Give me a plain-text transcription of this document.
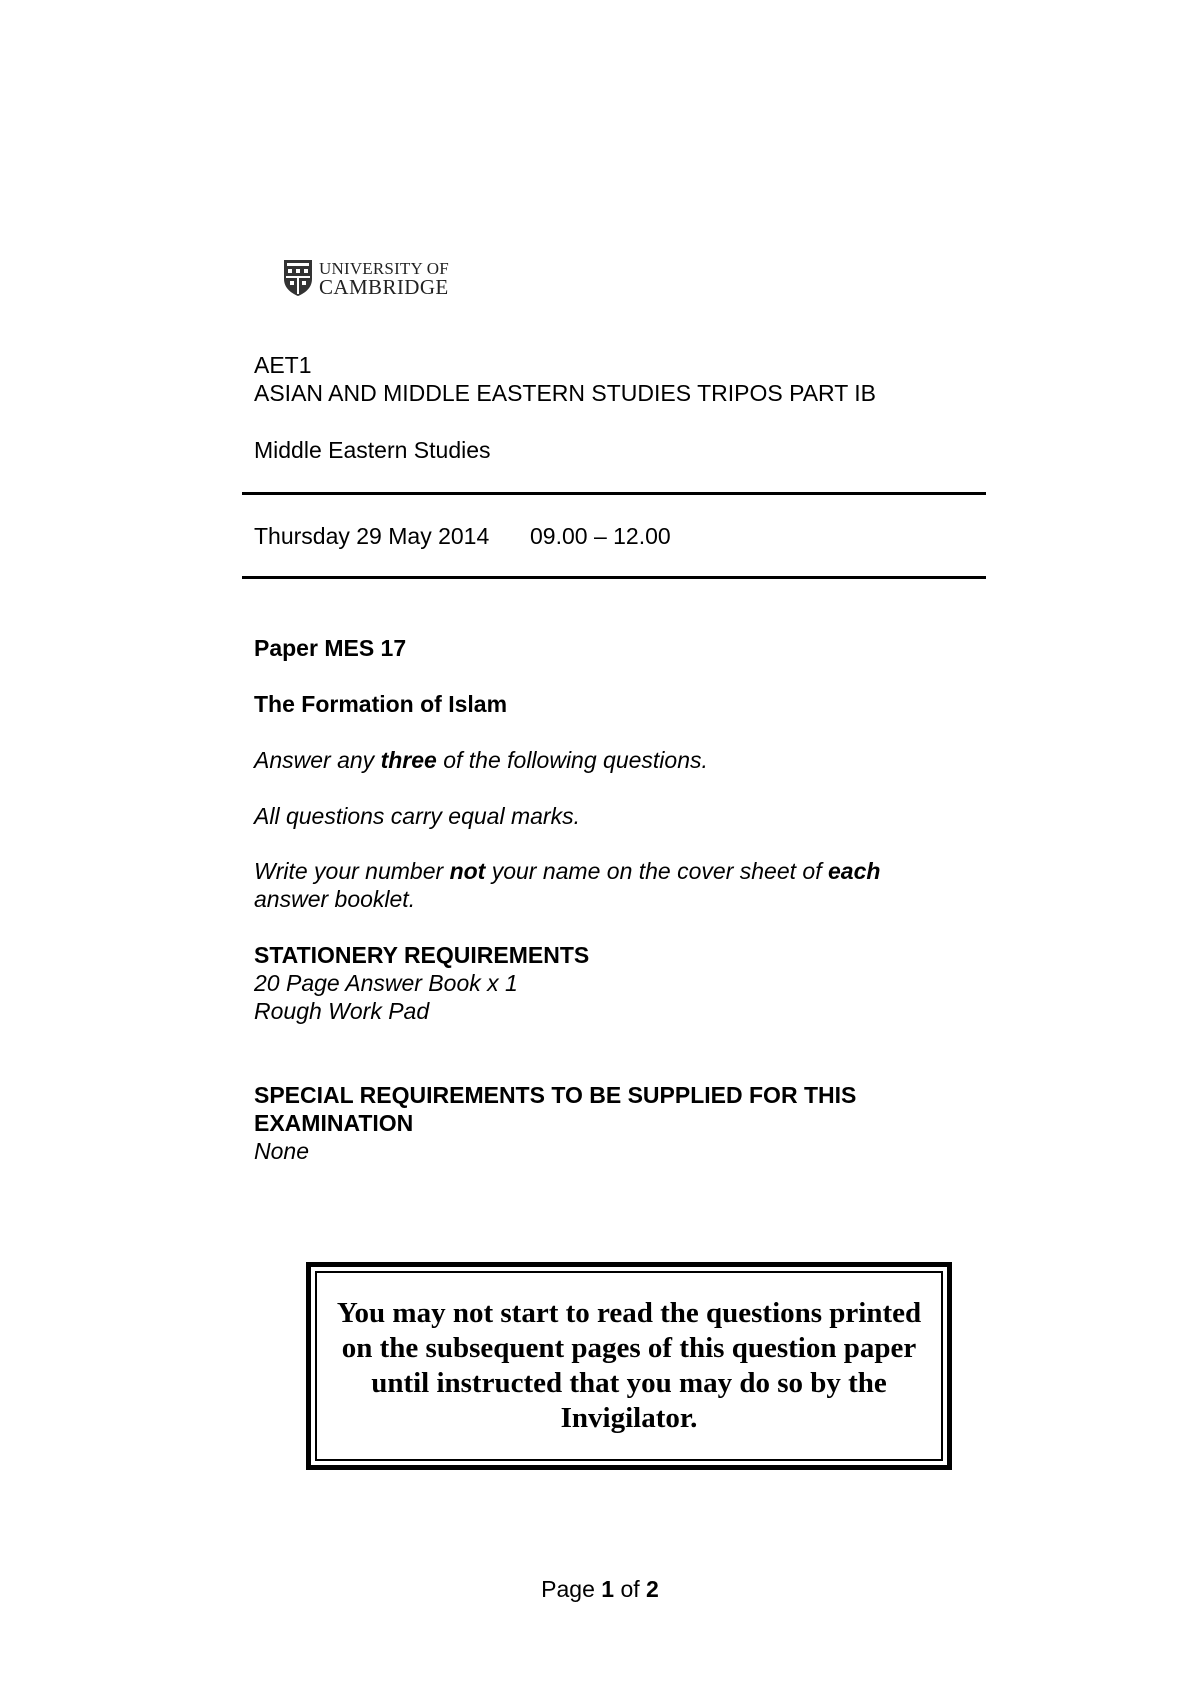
UNIVERSITY OF
CAMBRIDGE
AET1
ASIAN AND MIDDLE EASTERN STUDIES TRIPOS PART IB
Middle Eastern Studies
Thursday 29 May 2014 09.00 – 12.00
Paper MES 17
The Formation of Islam
Answer any three of the following questions.
All questions carry equal marks.
Write your number not your name on the cover sheet of each
answer booklet.
STATIONERY REQUIREMENTS
20 Page Answer Book x 1
Rough Work Pad
SPECIAL REQUIREMENTS TO BE SUPPLIED FOR THIS
EXAMINATION
None
You may not start to read the questions printed on the subsequent pages of this question paper until instructed that you may do so by the Invigilator.
Page 1 of 2
